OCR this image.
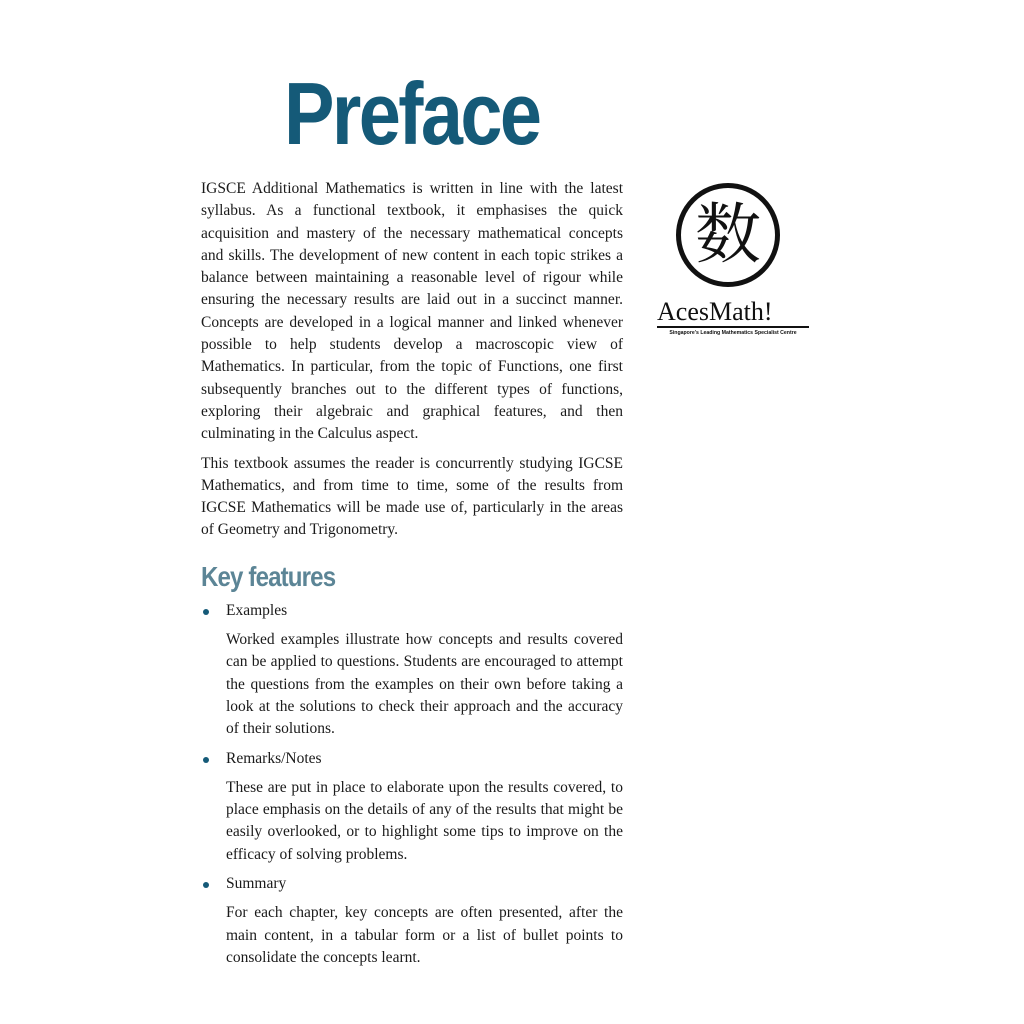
Preface

IGSCE Additional Mathematics is written in line with the latest syllabus. As a functional textbook, it emphasises the quick acquisition and mastery of the necessary mathematical concepts and skills. The development of new content in each topic strikes a balance between maintaining a reasonable level of rigour while ensuring the necessary results are laid out in a succinct manner. Concepts are developed in a logical manner and linked whenever possible to help students develop a macroscopic view of Mathematics. In particular, from the topic of Functions, one first subsequently branches out to the different types of functions, exploring their algebraic and graphical features, and then culminating in the Calculus aspect.

This textbook assumes the reader is concurrently studying IGCSE Mathematics, and from time to time, some of the results from IGCSE Mathematics will be made use of, particularly in the areas of Geometry and Trigonometry.

Key features
Examples
Worked examples illustrate how concepts and results covered can be applied to questions. Students are encouraged to attempt the questions from the examples on their own before taking a look at the solutions to check their approach and the accuracy of their solutions.
Remarks/Notes
These are put in place to elaborate upon the results covered, to place emphasis on the details of any of the results that might be easily overlooked, or to highlight some tips to improve on the efficacy of solving problems.
Summary
For each chapter, key concepts are often presented, after the main content, in a tabular form or a list of bullet points to consolidate the concepts learnt.
数
AcesMath!
Singapore's Leading Mathematics Specialist Centre
